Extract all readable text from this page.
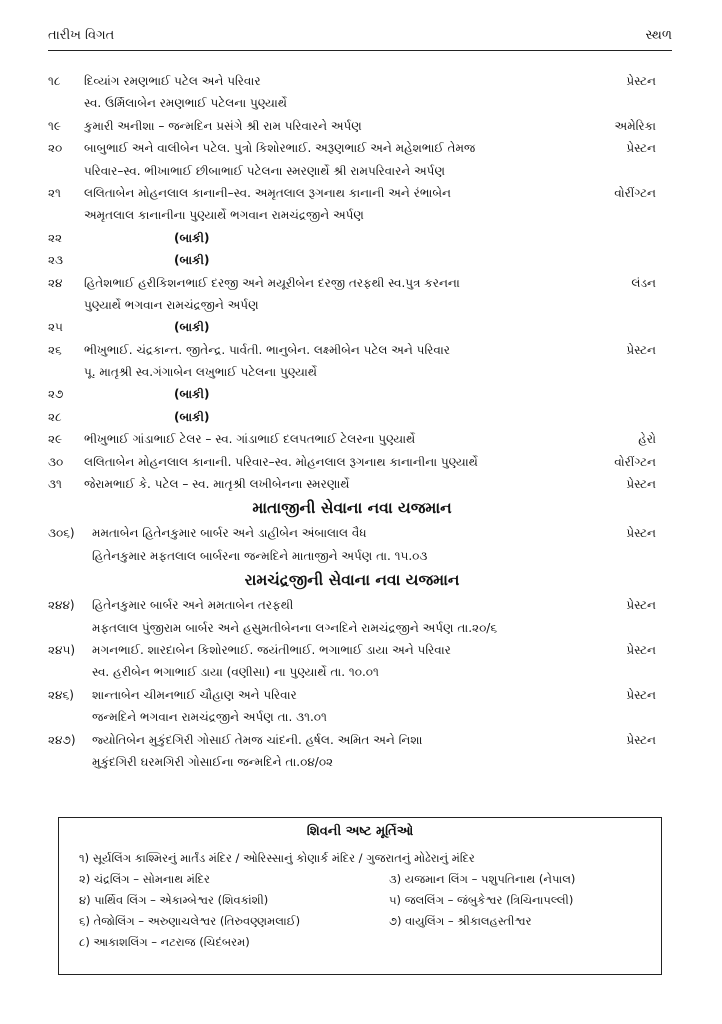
તારીખ વિગત	સ્થળ
૧૮	દિવ્યાંગ રમણભાઈ પટેલ અને પરિવાર	પ્રેસ્ટન
સ્વ. ઉર્મિલાબેન રમણભાઈ પટેલના પુણ્યાર્થે
૧૯	કુમારી અનીશા – જન્મદિન પ્રસંગે શ્રી રામ પરિવારને અર્પણ	અમેરિકા
૨૦	બાબુભાઈ અને વાલીબેન પટેલ. પુત્રો કિશોરભાઈ. અરૂણભાઈ અને મહેશભાઈ તેમજ	પ્રેસ્ટન
પરિવાર–સ્વ. ભીખાભાઈ છીબાભાઈ પટેલના સ્મરણાર્થે શ્રી રામપરિવારને અર્પણ
૨૧	લલિતાબેન મોહનલાલ કાનાની–સ્વ. અમૃતલાલ રૂગનાથ કાનાની અને રંભાબેન	વોરીંગ્ટન
અમૃતલાલ કાનાનીના પુણ્યાર્થે ભગવાન રામચંદ્રજીને અર્પણ
૨૨	(બાકી)
૨૩	(બાકી)
૨૪	હિતેશભાઈ હરીકિશનભાઈ દરજી અને મયૂરીબેન દરજી તરફથી સ્વ.પુત્ર કરનના	લંડન
પુણ્યાર્થે ભગવાન રામચંદ્રજીને અર્પણ
૨૫	(બાકી)
૨૬	ભીખુભાઈ. ચંદ્રકાન્ત. જીતેન્દ્ર. પાર્વતી. ભાનુબેન. લક્ષ્મીબેન પટેલ અને પરિવાર	પ્રેસ્ટન
પૂ. માતૃશ્રી સ્વ.ગંગાબેન લખુભાઈ પટેલના પુણ્યાર્થે
૨૭	(બાકી)
૨૮	(બાકી)
૨૯	ભીખુભાઈ ગાંડાભાઈ ટેલર – સ્વ. ગાંડાભાઈ દલપતભાઈ ટેલરના પુણ્યાર્થે	હેરો
૩૦	લલિતાબેન મોહનલાલ કાનાની. પરિવાર–સ્વ. મોહનલાલ રૂગનાથ કાનાનીના પુણ્યાર્થે	વોરીંગ્ટન
૩૧	જેરામભાઈ કે. પટેલ – સ્વ. માતૃશ્રી લખીબેનના સ્મરણાર્થે	પ્રેસ્ટન
માતાજીની સેવાના નવા યજમાન
૩૦૬)	મમતાબેન હિતેનકુમાર બાર્બર અને ડાહીબેન અંબાલાલ વૈધ	પ્રેસ્ટન
હિતેનકુમાર મફતલાલ બાર્બરના જન્મદિને માતાજીને અર્પણ તા. ૧૫.૦૩
રામચંદ્રજીની સેવાના નવા યજમાન
૨૪૪)	હિતેનકુમાર બાર્બર અને મમતાબેન તરફથી	પ્રેસ્ટન
મફતલાલ પુંજીરામ બાર્બર અને હસુમતીબેનના લગ્નદિને રામચંદ્રજીને અર્પણ તા.૨૦/૬
૨૪૫)	મગનભાઈ. શારદાબેન કિશોરભાઈ. જયંતીભાઈ. ભગાભાઈ ડાયા અને પરિવાર	પ્રેસ્ટન
સ્વ. હરીબેન ભગાભાઈ ડાયા (વણીસા) ના પુણ્યાર્થે તા. ૧૦.૦૧
૨૪૬)	શાન્તાબેન ચીમનભાઈ ચૌહાણ અને પરિવાર	પ્રેસ્ટન
જન્મદિને ભગવાન રામચંદ્રજીને અર્પણ તા. ૩૧.૦૧
૨૪૭)	જ્યોતિબેન મુકુંદગિરી ગોસાઈ તેમજ ચાંદની. હર્ષલ. અમિત અને નિશા	પ્રેસ્ટન
મુકુંદગિરી ઘરમગિરી ગોસાઈના જન્મદિને તા.૦૪/૦૨
શિવની અષ્ટ મૂર્તિઓ
૧) સૂર્યલિંગ કાશ્મિરનું માર્તંડ મંદિર / ઓરિસ્સાનું કોણાર્ક મંદિર / ગુજરાતનું મોઢેરાનું મંદિર
૨) ચંદ્રલિંગ – સોમનાથ મંદિર	૩) યજમાન લિંગ – પશુપતિનાથ (નેપાલ)
૪) પાર્થિવ લિંગ – એકામ્બેશ્વર (શિવકાંશી)	૫) જલલિંગ – જંબુકેશ્વર (ત્રિચિનાપલ્લી)
૬) તેજોલિંગ – અરુણાચલેશ્વર (તિરુવણ્ણમલાઈ)	૭) વાયુલિંગ – શ્રીકાલહસ્તીશ્વર
૮) આકાશલિંગ – નટરાજ (ચિદંબરમ)
